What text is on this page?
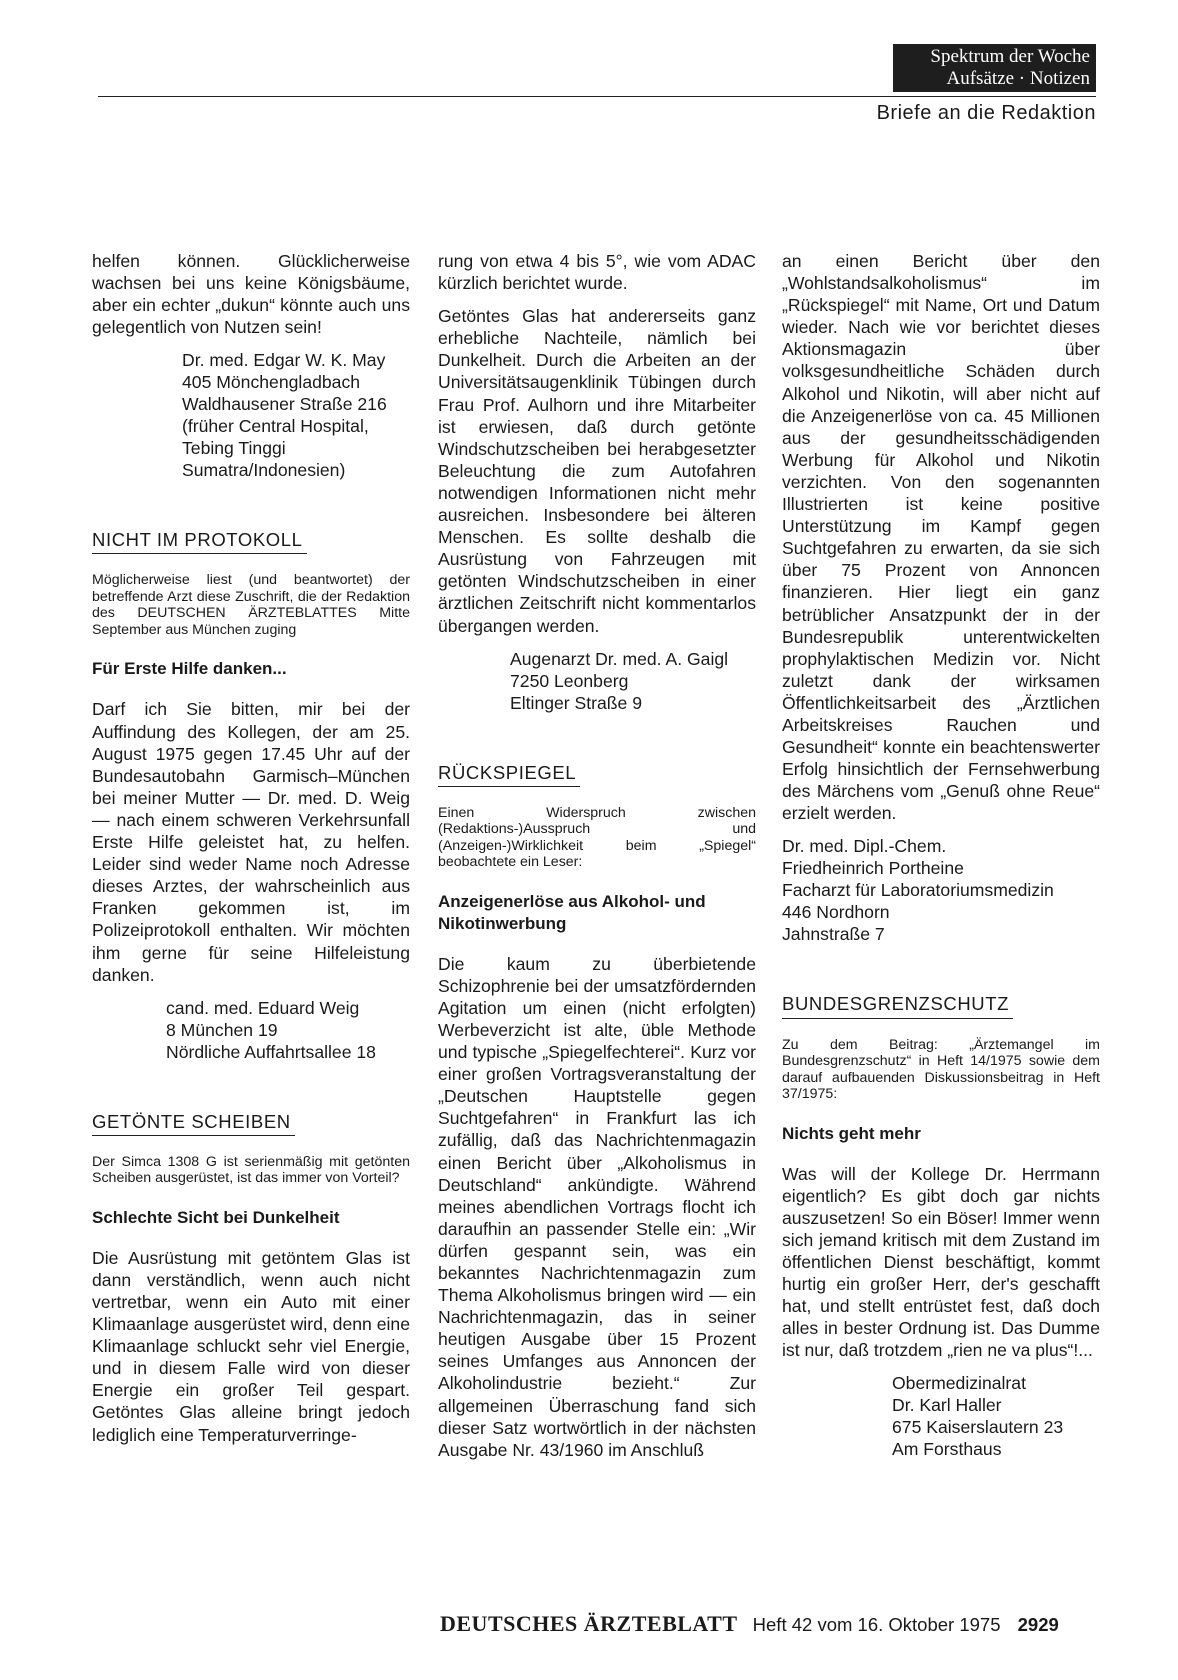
Spektrum der Woche
Aufsätze · Notizen
Briefe an die Redaktion

helfen können. Glücklicherweise wachsen bei uns keine Königsbäume, aber ein echter „dukun“ könnte auch uns gelegentlich von Nutzen sein!

Dr. med. Edgar W. K. May
405 Mönchengladbach
Waldhausener Straße 216
(früher Central Hospital,
Tebing Tinggi
Sumatra/Indonesien)
NICHT IM PROTOKOLL

Möglicherweise liest (und beantwortet) der betreffende Arzt diese Zuschrift, die der Redaktion des DEUTSCHEN ÄRZTEBLATTES Mitte September aus München zuging

Für Erste Hilfe danken...

Darf ich Sie bitten, mir bei der Auffindung des Kollegen, der am 25. August 1975 gegen 17.45 Uhr auf der Bundesautobahn Garmisch–München bei meiner Mutter — Dr. med. D. Weig — nach einem schweren Verkehrsunfall Erste Hilfe geleistet hat, zu helfen. Leider sind weder Name noch Adresse dieses Arztes, der wahrscheinlich aus Franken gekommen ist, im Polizeiprotokoll enthalten. Wir möchten ihm gerne für seine Hilfeleistung danken.

cand. med. Eduard Weig
8 München 19
Nördliche Auffahrtsallee 18
GETÖNTE SCHEIBEN

Der Simca 1308 G ist serienmäßig mit getönten Scheiben ausgerüstet, ist das immer von Vorteil?

Schlechte Sicht bei Dunkelheit

Die Ausrüstung mit getöntem Glas ist dann verständlich, wenn auch nicht vertretbar, wenn ein Auto mit einer Klimaanlage ausgerüstet wird, denn eine Klimaanlage schluckt sehr viel Energie, und in diesem Falle wird von dieser Energie ein großer Teil gespart. Getöntes Glas alleine bringt jedoch lediglich eine Temperaturverringe-

rung von etwa 4 bis 5°, wie vom ADAC kürzlich berichtet wurde.

Getöntes Glas hat andererseits ganz erhebliche Nachteile, nämlich bei Dunkelheit. Durch die Arbeiten an der Universitätsaugenklinik Tübingen durch Frau Prof. Aulhorn und ihre Mitarbeiter ist erwiesen, daß durch getönte Windschutzscheiben bei herabgesetzter Beleuchtung die zum Autofahren notwendigen Informationen nicht mehr ausreichen. Insbesondere bei älteren Menschen. Es sollte deshalb die Ausrüstung von Fahrzeugen mit getönten Windschutzscheiben in einer ärztlichen Zeitschrift nicht kommentarlos übergangen werden.

Augenarzt Dr. med. A. Gaigl
7250 Leonberg
Eltinger Straße 9
RÜCKSPIEGEL

Einen Widerspruch zwischen (Redaktions-)Ausspruch und (Anzeigen-)Wirklichkeit beim „Spiegel“ beobachtete ein Leser:

Anzeigenerlöse aus Alkohol- und Nikotinwerbung

Die kaum zu überbietende Schizophrenie bei der umsatzfördernden Agitation um einen (nicht erfolgten) Werbeverzicht ist alte, üble Methode und typische „Spiegelfechterei“. Kurz vor einer großen Vortragsveranstaltung der „Deutschen Hauptstelle gegen Suchtgefahren“ in Frankfurt las ich zufällig, daß das Nachrichtenmagazin einen Bericht über „Alkoholismus in Deutschland“ ankündigte. Während meines abendlichen Vortrags flocht ich daraufhin an passender Stelle ein: „Wir dürfen gespannt sein, was ein bekanntes Nachrichtenmagazin zum Thema Alkoholismus bringen wird — ein Nachrichtenmagazin, das in seiner heutigen Ausgabe über 15 Prozent seines Umfanges aus Annoncen der Alkoholindustrie bezieht.“ Zur allgemeinen Überraschung fand sich dieser Satz wortwörtlich in der nächsten Ausgabe Nr. 43/1960 im Anschluß

an einen Bericht über den „Wohlstandsalkoholismus“ im „Rückspiegel“ mit Name, Ort und Datum wieder. Nach wie vor berichtet dieses Aktionsmagazin über volksgesundheitliche Schäden durch Alkohol und Nikotin, will aber nicht auf die Anzeigenerlöse von ca. 45 Millionen aus der gesundheitsschädigenden Werbung für Alkohol und Nikotin verzichten. Von den sogenannten Illustrierten ist keine positive Unterstützung im Kampf gegen Suchtgefahren zu erwarten, da sie sich über 75 Prozent von Annoncen finanzieren. Hier liegt ein ganz betrüblicher Ansatzpunkt der in der Bundesrepublik unterentwickelten prophylaktischen Medizin vor. Nicht zuletzt dank der wirksamen Öffentlichkeitsarbeit des „Ärztlichen Arbeitskreises Rauchen und Gesundheit“ konnte ein beachtenswerter Erfolg hinsichtlich der Fernsehwerbung des Märchens vom „Genuß ohne Reue“ erzielt werden.

Dr. med. Dipl.-Chem.
Friedheinrich Portheine
Facharzt für Laboratoriumsmedizin
446 Nordhorn
Jahnstraße 7
BUNDESGRENZSCHUTZ

Zu dem Beitrag: „Ärztemangel im Bundesgrenzschutz“ in Heft 14/1975 sowie dem darauf aufbauenden Diskussionsbeitrag in Heft 37/1975:

Nichts geht mehr

Was will der Kollege Dr. Herrmann eigentlich? Es gibt doch gar nichts auszusetzen! So ein Böser! Immer wenn sich jemand kritisch mit dem Zustand im öffentlichen Dienst beschäftigt, kommt hurtig ein großer Herr, der's geschafft hat, und stellt entrüstet fest, daß doch alles in bester Ordnung ist. Das Dumme ist nur, daß trotzdem „rien ne va plus“!...

Obermedizinalrat
Dr. Karl Haller
675 Kaiserslautern 23
Am Forsthaus
DEUTSCHES ÄRZTEBLATT Heft 42 vom 16. Oktober 1975 2929
